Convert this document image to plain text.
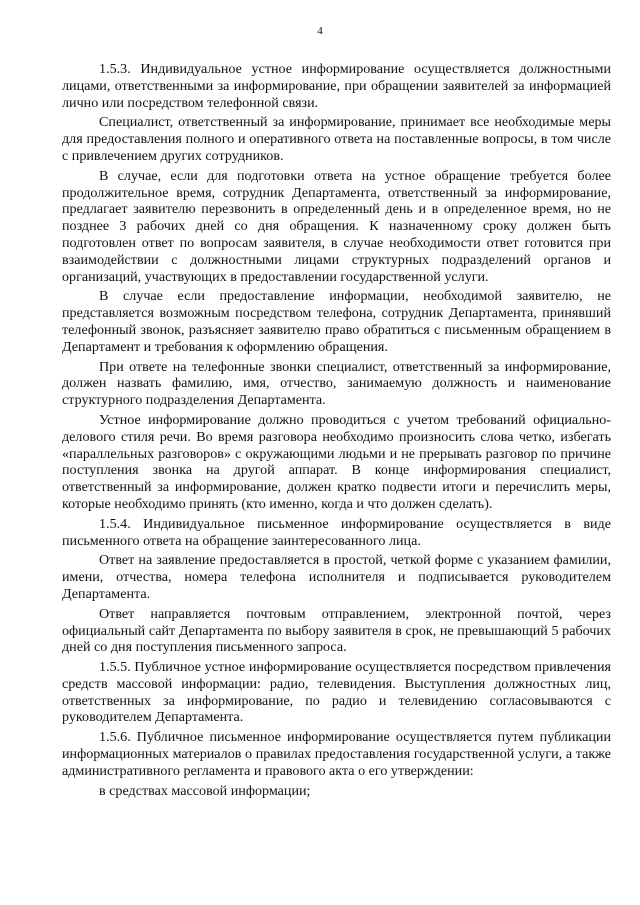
4

1.5.3. Индивидуальное устное информирование осуществляется должностными лицами, ответственными за информирование, при обращении заявителей за информацией лично или посредством телефонной связи.

Специалист, ответственный за информирование, принимает все необходимые меры для предоставления полного и оперативного ответа на поставленные вопросы, в том числе с привлечением других сотрудников.

В случае, если для подготовки ответа на устное обращение требуется более продолжительное время, сотрудник Департамента, ответственный за информирование, предлагает заявителю перезвонить в определенный день и в определенное время, но не позднее 3 рабочих дней со дня обращения. К назначенному сроку должен быть подготовлен ответ по вопросам заявителя, в случае необходимости ответ готовится при взаимодействии с должностными лицами структурных подразделений органов и организаций, участвующих в предоставлении государственной услуги.

В случае если предоставление информации, необходимой заявителю, не представляется возможным посредством телефона, сотрудник Департамента, принявший телефонный звонок, разъясняет заявителю право обратиться с письменным обращением в Департамент и требования к оформлению обращения.

При ответе на телефонные звонки специалист, ответственный за информирование, должен назвать фамилию, имя, отчество, занимаемую должность и наименование структурного подразделения Департамента.

Устное информирование должно проводиться с учетом требований официально-делового стиля речи. Во время разговора необходимо произносить слова четко, избегать «параллельных разговоров» с окружающими людьми и не прерывать разговор по причине поступления звонка на другой аппарат. В конце информирования специалист, ответственный за информирование, должен кратко подвести итоги и перечислить меры, которые необходимо принять (кто именно, когда и что должен сделать).

1.5.4. Индивидуальное письменное информирование осуществляется в виде письменного ответа на обращение заинтересованного лица.

Ответ на заявление предоставляется в простой, четкой форме с указанием фамилии, имени, отчества, номера телефона исполнителя и подписывается руководителем Департамента.

Ответ направляется почтовым отправлением, электронной почтой, через официальный сайт Департамента по выбору заявителя в срок, не превышающий 5 рабочих дней со дня поступления письменного запроса.

1.5.5. Публичное устное информирование осуществляется посредством привлечения средств массовой информации: радио, телевидения. Выступления должностных лиц, ответственных за информирование, по радио и телевидению согласовываются с руководителем Департамента.

1.5.6. Публичное письменное информирование осуществляется путем публикации информационных материалов о правилах предоставления государственной услуги, а также административного регламента и правового акта о его утверждении:

в средствах массовой информации;
